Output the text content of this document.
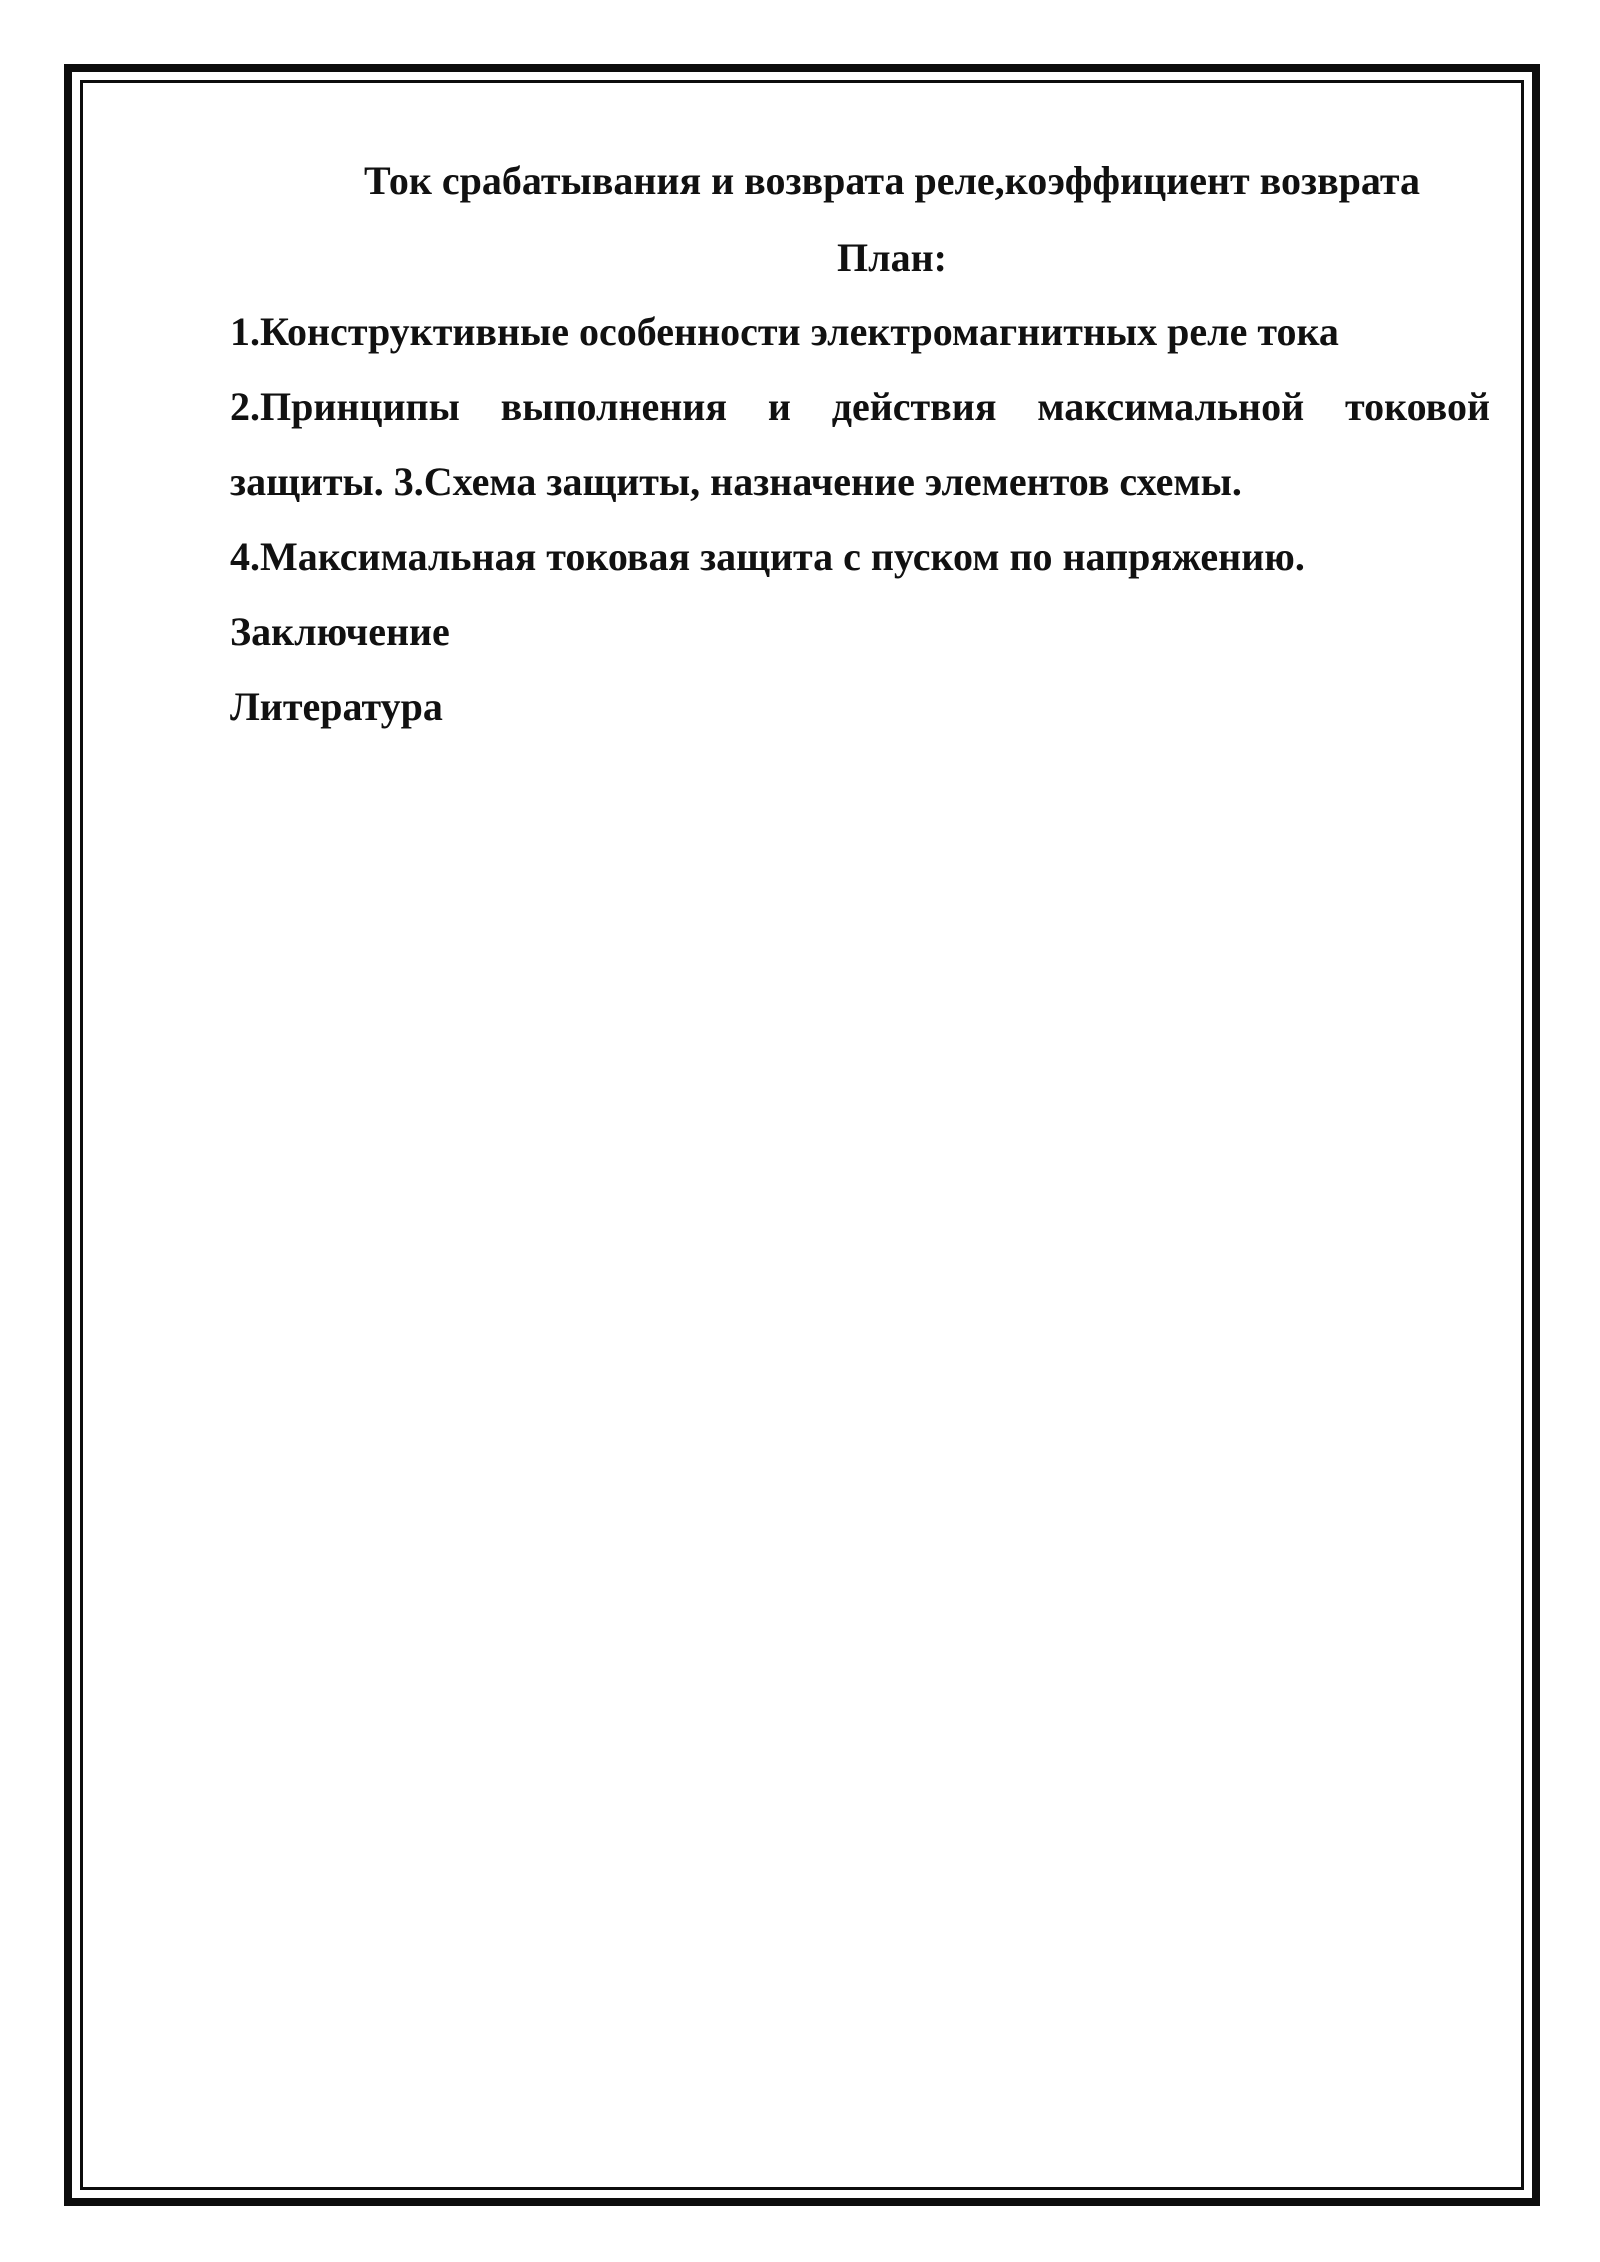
Ток срабатывания и возврата реле,коэффициент возврата
План:

1.Конструктивные особенности электромагнитных реле тока

2.Принципы выполнения и действия максимальной токовой защиты. 3.Схема защиты, назначение элементов схемы.

4.Максимальная токовая защита с пуском по напряжению.

Заключение

Литература
